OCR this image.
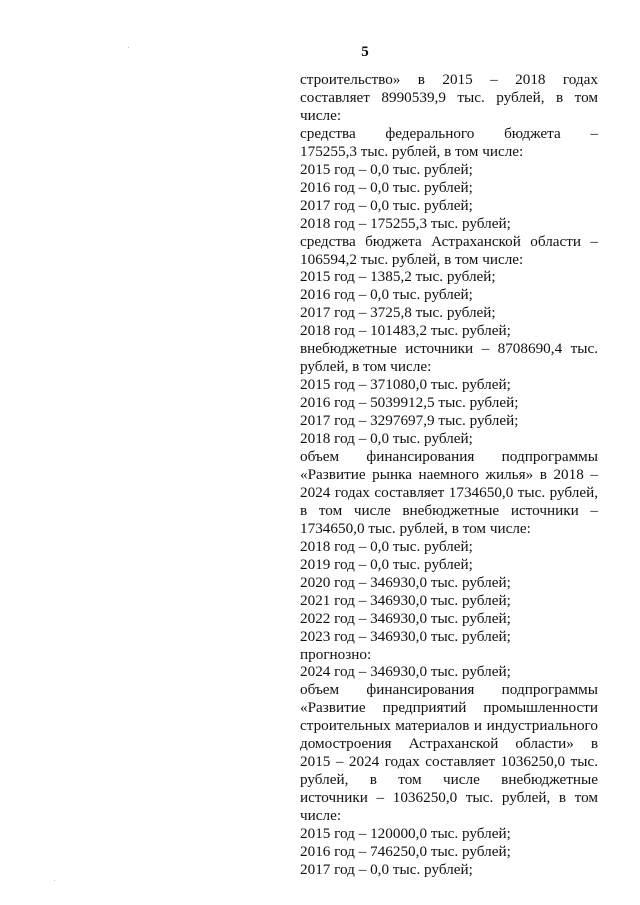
5
строительство» в 2015 – 2018 годах
составляет 8990539,9 тыс. рублей, в том
числе:
средства федерального бюджета –
175255,3 тыс. рублей, в том числе:
2015 год – 0,0 тыс. рублей;
2016 год – 0,0 тыс. рублей;
2017 год – 0,0 тыс. рублей;
2018 год – 175255,3 тыс. рублей;
средства бюджета Астраханской области –
106594,2 тыс. рублей, в том числе:
2015 год – 1385,2 тыс. рублей;
2016 год – 0,0 тыс. рублей;
2017 год – 3725,8 тыс. рублей;
2018 год – 101483,2 тыс. рублей;
внебюджетные источники – 8708690,4 тыс.
рублей, в том числе:
2015 год – 371080,0 тыс. рублей;
2016 год – 5039912,5 тыс. рублей;
2017 год – 3297697,9 тыс. рублей;
2018 год – 0,0 тыс. рублей;
объем финансирования подпрограммы
«Развитие рынка наемного жилья» в 2018 –
2024 годах составляет 1734650,0 тыс. рублей,
в том числе внебюджетные источники –
1734650,0 тыс. рублей, в том числе:
2018 год – 0,0 тыс. рублей;
2019 год – 0,0 тыс. рублей;
2020 год – 346930,0 тыс. рублей;
2021 год – 346930,0 тыс. рублей;
2022 год – 346930,0 тыс. рублей;
2023 год – 346930,0 тыс. рублей;
прогнозно:
2024 год – 346930,0 тыс. рублей;
объем финансирования подпрограммы
«Развитие предприятий промышленности
строительных материалов и индустриального
домостроения Астраханской области» в
2015 – 2024 годах составляет 1036250,0 тыс.
рублей, в том числе внебюджетные
источники – 1036250,0 тыс. рублей, в том
числе:
2015 год – 120000,0 тыс. рублей;
2016 год – 746250,0 тыс. рублей;
2017 год – 0,0 тыс. рублей;
